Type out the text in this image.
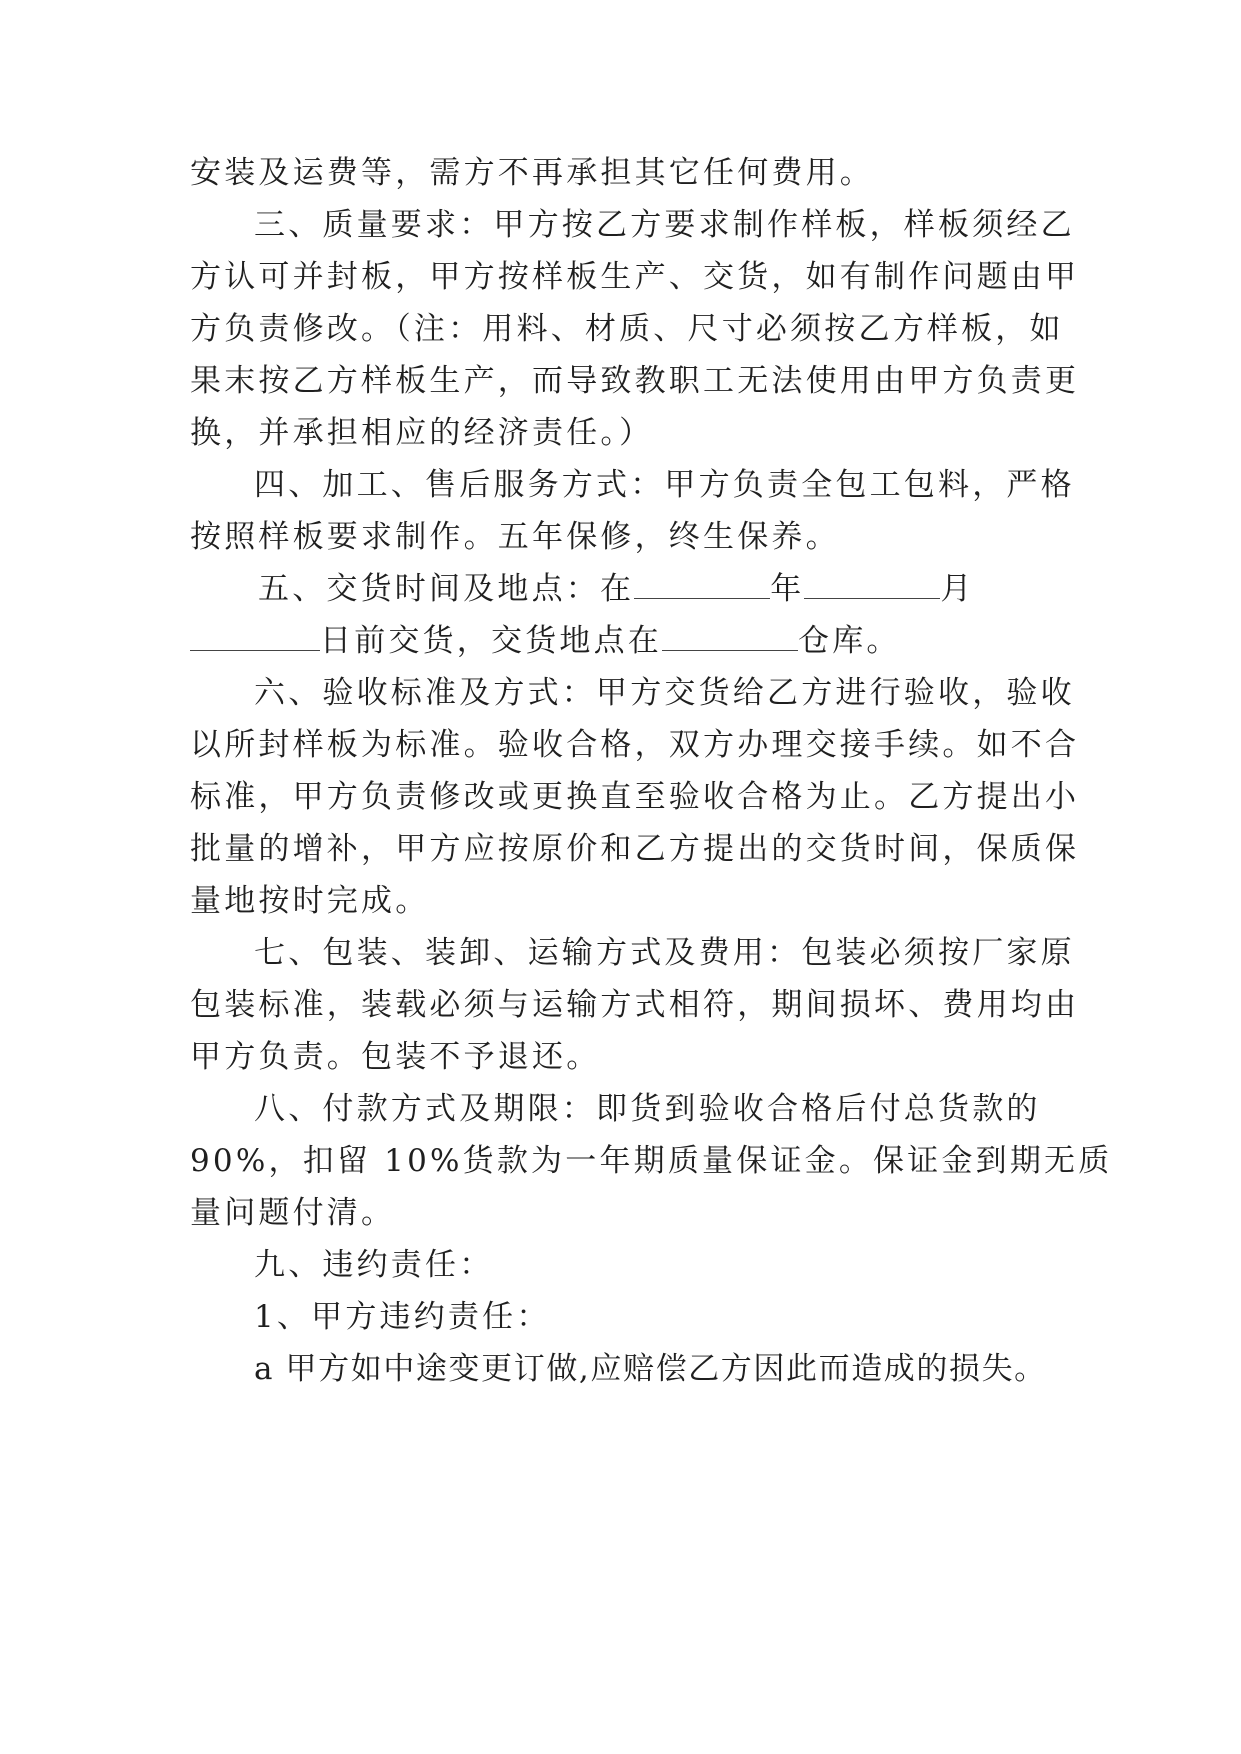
安装及运费等，需方不再承担其它任何费用。
三、质量要求：甲方按乙方要求制作样板，样板须经乙
方认可并封板，甲方按样板生产、交货，如有制作问题由甲
方负责修改。（注：用料、材质、尺寸必须按乙方样板，如
果末按乙方样板生产，而导致教职工无法使用由甲方负责更
换，并承担相应的经济责任。）
四、加工、售后服务方式：甲方负责全包工包料，严格
按照样板要求制作。五年保修，终生保养。
五、交货时间及地点：在	年	月
日前交货，交货地点在	仓库。
六、验收标准及方式：甲方交货给乙方进行验收，验收
以所封样板为标准。验收合格，双方办理交接手续。如不合
标准，甲方负责修改或更换直至验收合格为止。乙方提出小
批量的增补，甲方应按原价和乙方提出的交货时间，保质保
量地按时完成。
七、包装、装卸、运输方式及费用：包装必须按厂家原
包装标准，装载必须与运输方式相符，期间损坏、费用均由
甲方负责。包装不予退还。
八、付款方式及期限：即货到验收合格后付总货款的
90%，扣留 10%货款为一年期质量保证金。保证金到期无质
量问题付清。
九、违约责任：
1、甲方违约责任：
a 甲方如中途变更订做,应赔偿乙方因此而造成的损失。
